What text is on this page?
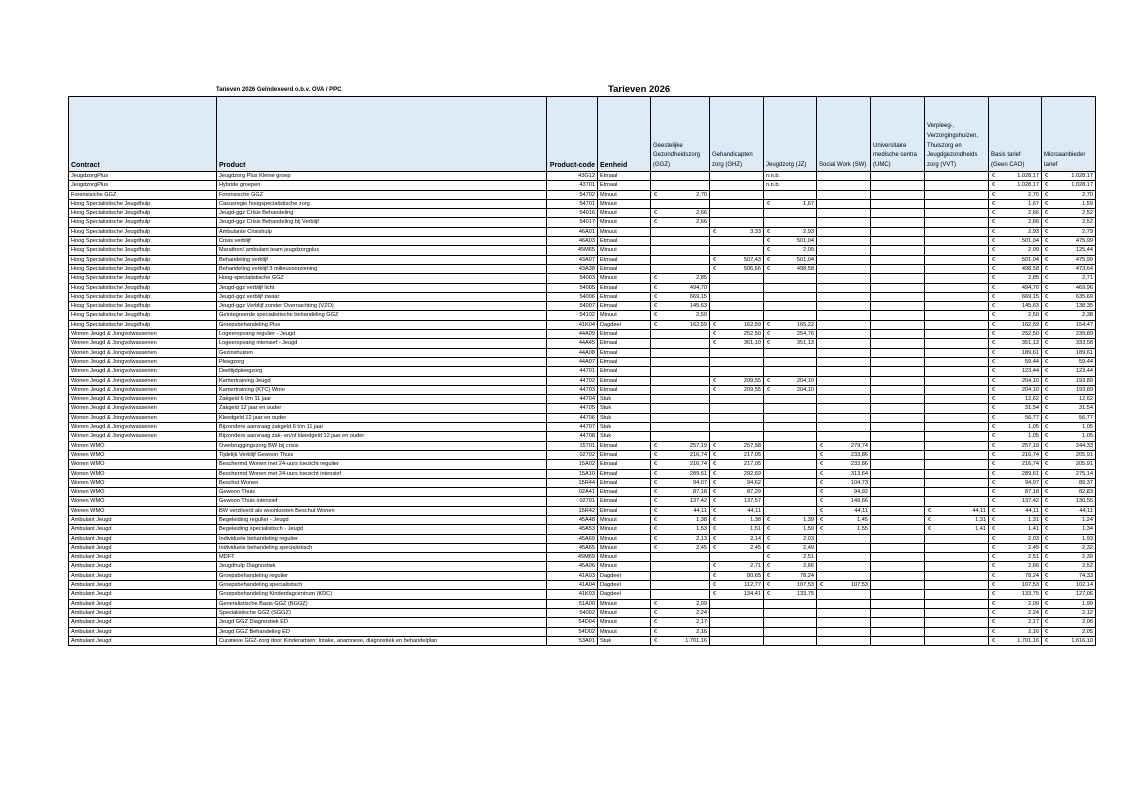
Tarieven 2026 Geïndexeerd o.b.v. OVA / PPC	Tarieven 2026
Contract	Product	Product-code	Eenheid	Geestelijke Gezondheidszorg (GGZ)	Gehandicapten zorg (GHZ)	Jeugdzorg (JZ)	Social Work (SW)	Universitaire medische centra (UMC)	Verpleeg-, Verzorgingshuizen, Thuiszorg en Jeugdgezondheids zorg (VVT)	Basis tarief (Geen CAO)	Microaanbieder tarief
JeugdzorgPlus	Jeugdzorg Plus Kleine groep	43G12	Etmaal			n.n.b.				€ 1.028,17	€ 1.028,17

JeugdzorgPlus	Hybride groepen	43701	Etmaal			n.n.b.				€ 1.028,17	€ 1.028,17

Forensisiche GGZ	Forensische GGZ	54702	Minuut	€ 2,70						€ 2,70	€ 2,70

Hoog Specialistische Jeugdhulp	Casusregie hoogspecialistische zorg	54701	Minuut			€ 1,67				€ 1,67	€ 1,59

Hoog Specialistische Jeugdhulp	Jeugd-ggz Crisis Behandeling	54016	Minuut	€ 2,66						€ 2,66	€ 2,52

Hoog Specialistische Jeugdhulp	Jeugd-ggz Crisis Behandeling bij Verblijf	54017	Minuut	€ 2,66						€ 2,66	€ 2,52

Hoog Specialistische Jeugdhulp	Ambulante Crisishulp	46A01	Minuut		€ 3,33	€ 2,93				€ 2,93	€ 2,79

Hoog Specialistische Jeugdhulp	Crisis verblijf	46A03	Etmaal			€ 501,04				€ 501,04	€ 475,99

Hoog Specialistische Jeugdhulp	Marathon/ ambulant team jeugdzorgplus	45M65	Minuut			€ 2,09				€ 2,09	€ 125,44

Hoog Specialistische Jeugdhulp	Behandeling verblijf	43A07	Etmaal		€ 507,43	€ 501,04				€ 501,04	€ 475,99

Hoog Specialistische Jeugdhulp	Behandeling verblijf 3 milieuvoorziening	43A38	Etmaal		€ 506,66	€ 498,58				€ 498,58	€ 473,64

Hoog Specialistische Jeugdhulp	Hoog-specialistische GGZ	54003	Minuut	€ 2,85						€ 2,85	€ 2,71

Hoog Specialistische Jeugdhulp	Jeugd-ggz verblijf licht	54005	Etmaal	€ 494,70						€ 494,70	€ 469,96

Hoog Specialistische Jeugdhulp	Jeugd-ggz verblijf zwaar	54006	Etmaal	€ 669,15						€ 669,15	€ 635,69

Hoog Specialistische Jeugdhulp	Jeugd-ggz Verblijf zonder Overnachting (VZO)	54007	Etmaal	€ 145,63						€ 145,63	€ 138,35

Hoog Specialistische Jeugdhulp	Geïntegreerde specialistische behandeling GGZ	54102	Minuut	€ 2,50						€ 2,50	€ 2,38

Hoog Specialistische Jeugdhulp	Groepsbehandeling Plus	41K04	Dagdeel	€ 162,59	€ 162,59	€ 165,22				€ 162,59	€ 154,47

Wonen Jeugd & Jongvolwassenen	Logeeropvang regulier - Jeugd	44A09	Etmaal		€ 252,50	€ 254,76				€ 252,50	€ 239,89

Wonen Jeugd & Jongvolwassenen	Logeeropvang intensief - Jeugd	44A45	Etmaal		€ 361,10	€ 351,13				€ 351,13	€ 333,58

Wonen Jeugd & Jongvolwassenen	Gezinshuizen	44A08	Etmaal							€ 189,61	€ 189,61

Wonen Jeugd & Jongvolwassenen	Pleegzorg	44A07	Etmaal							€ 59,44	€ 59,44

Wonen Jeugd & Jongvolwassenen	Deeltijdpleegzorg	44701	Etmaal							€ 123,44	€ 123,44

Wonen Jeugd & Jongvolwassenen	Kamertraining Jeugd	44702	Etmaal		€ 209,55	€ 204,10				€ 204,10	€ 193,89

Wonen Jeugd & Jongvolwassenen	Kamertraining (KTC) Wmo	44703	Etmaal		€ 209,55	€ 204,10				€ 204,10	€ 193,89

Wonen Jeugd & Jongvolwassenen	Zakgeld 6 t/m 11 jaar	44704	Stuk							€ 12,62	€ 12,62

Wonen Jeugd & Jongvolwassenen	Zakgeld 12 jaar en ouder	44705	Stuk							€ 31,54	€ 31,54

Wonen Jeugd & Jongvolwassenen	Kleedgeld 12 jaar en ouder	44706	Stuk							€ 56,77	€ 56,77

Wonen Jeugd & Jongvolwassenen	Bijzondere aanvraag zakgeld 6 t/m 11 jaar	44707	Stuk							€ 1,05	€ 1,05

Wonen Jeugd & Jongvolwassenen	Bijzondere aanvraag zak- en/of kleedgeld 12 jaar en ouder	44708	Stuk							€ 1,05	€ 1,05

Wonen WMO	Overbruggingszorg BW bij crisis	15701	Etmaal	€ 257,19	€ 257,58		€ 279,74			€ 257,19	€ 244,33

Wonen WMO	Tijdelijk Verblijf Gewoon Thuis	02702	Etmaal	€ 216,74	€ 217,05		€ 233,86			€ 216,74	€ 205,91

Wonen WMO	Beschermd Wonen met 24-uurs toezicht regulier	15A02	Etmaal	€ 216,74	€ 217,05		€ 233,86			€ 216,74	€ 205,91

Wonen WMO	Beschermd Wonen met 24-uurs toezicht intensief	15A10	Etmaal	€ 289,61	€ 292,69		€ 313,64			€ 289,61	€ 275,14

Wonen WMO	Beschut Wonen	15R44	Etmaal	€ 94,07	€ 94,62		€ 104,73			€ 94,07	€ 89,37

Wonen WMO	Gewoon Thuis	02A41	Etmaal	€ 87,18	€ 87,29		€ 94,92			€ 87,18	€ 82,83

Wonen WMO	Gewoon Thuis intensief	02701	Etmaal	€ 137,42	€ 137,57		€ 149,66			€ 137,42	€ 130,55

Wonen WMO	BW verzilverd als woonkosten Beschut Wonen	15R42	Etmaal	€ 44,11	€ 44,11		€ 44,11		€ 44,11	€ 44,11	€ 44,11

Ambulant Jeugd	Begeleiding regulier - Jeugd	45A48	Minuut	€ 1,38	€ 1,38	€ 1,39	€ 1,45		€ 1,31	€ 1,31	€ 1,24

Ambulant Jeugd	Begeleiding specialistisch - Jeugd	45A53	Minuut	€ 1,53	€ 1,51	€ 1,50	€ 1,55		€ 1,41	€ 1,41	€ 1,34

Ambulant Jeugd	Individuele behandeling regulier	45A69	Minuut	€ 2,13	€ 2,14	€ 2,03				€ 2,03	€ 1,93

Ambulant Jeugd	Individuele behandeling specialistisch	45A65	Minuut	€ 2,45	€ 2,45	€ 2,49				€ 2,45	€ 2,32

Ambulant Jeugd	MDFT	45M69	Minuut			€ 2,51				€ 2,51	€ 2,39

Ambulant Jeugd	Jeugdhulp Diagnostiek	45A06	Minuut		€ 2,71	€ 2,66				€ 2,66	€ 2,52

Ambulant Jeugd	Groepsbehandeling regulier	41A03	Dagdeel		€ 80,65	€ 78,24				€ 78,24	€ 74,33

Ambulant Jeugd	Groepsbehandeling specialistisch	41A04	Dagdeel		€ 112,77	€ 107,53	€ 107,53			€ 107,53	€ 102,14

Ambulant Jeugd	Groepsbehandeling Kinderdagcentrum (KDC)	41K03	Dagdeel		€ 134,41	€ 133,75				€ 133,75	€ 127,06

Ambulant Jeugd	Generalistische Basis GGZ (BGGZ)	51A00	Minuut	€ 2,09						€ 2,09	€ 1,99

Ambulant Jeugd	Specialistische GGZ (SGGZ)	54002	Minuut	€ 2,24						€ 2,24	€ 2,12

Ambulant Jeugd	Jeugd GGZ Diagnostiek ED	54D04	Minuut	€ 2,17						€ 2,17	€ 2,06

Ambulant Jeugd	Jeugd GGZ Behandeling ED	54D02	Minuut	€ 2,16						€ 2,16	€ 2,05

Ambulant Jeugd	Curatieve GGZ-zorg door Kinderartsen: Intake, anamnese, diagnostiek en behandelplan	53A01	Stuk	€ 1.701,16						€ 1.701,16	€ 1.616,10
